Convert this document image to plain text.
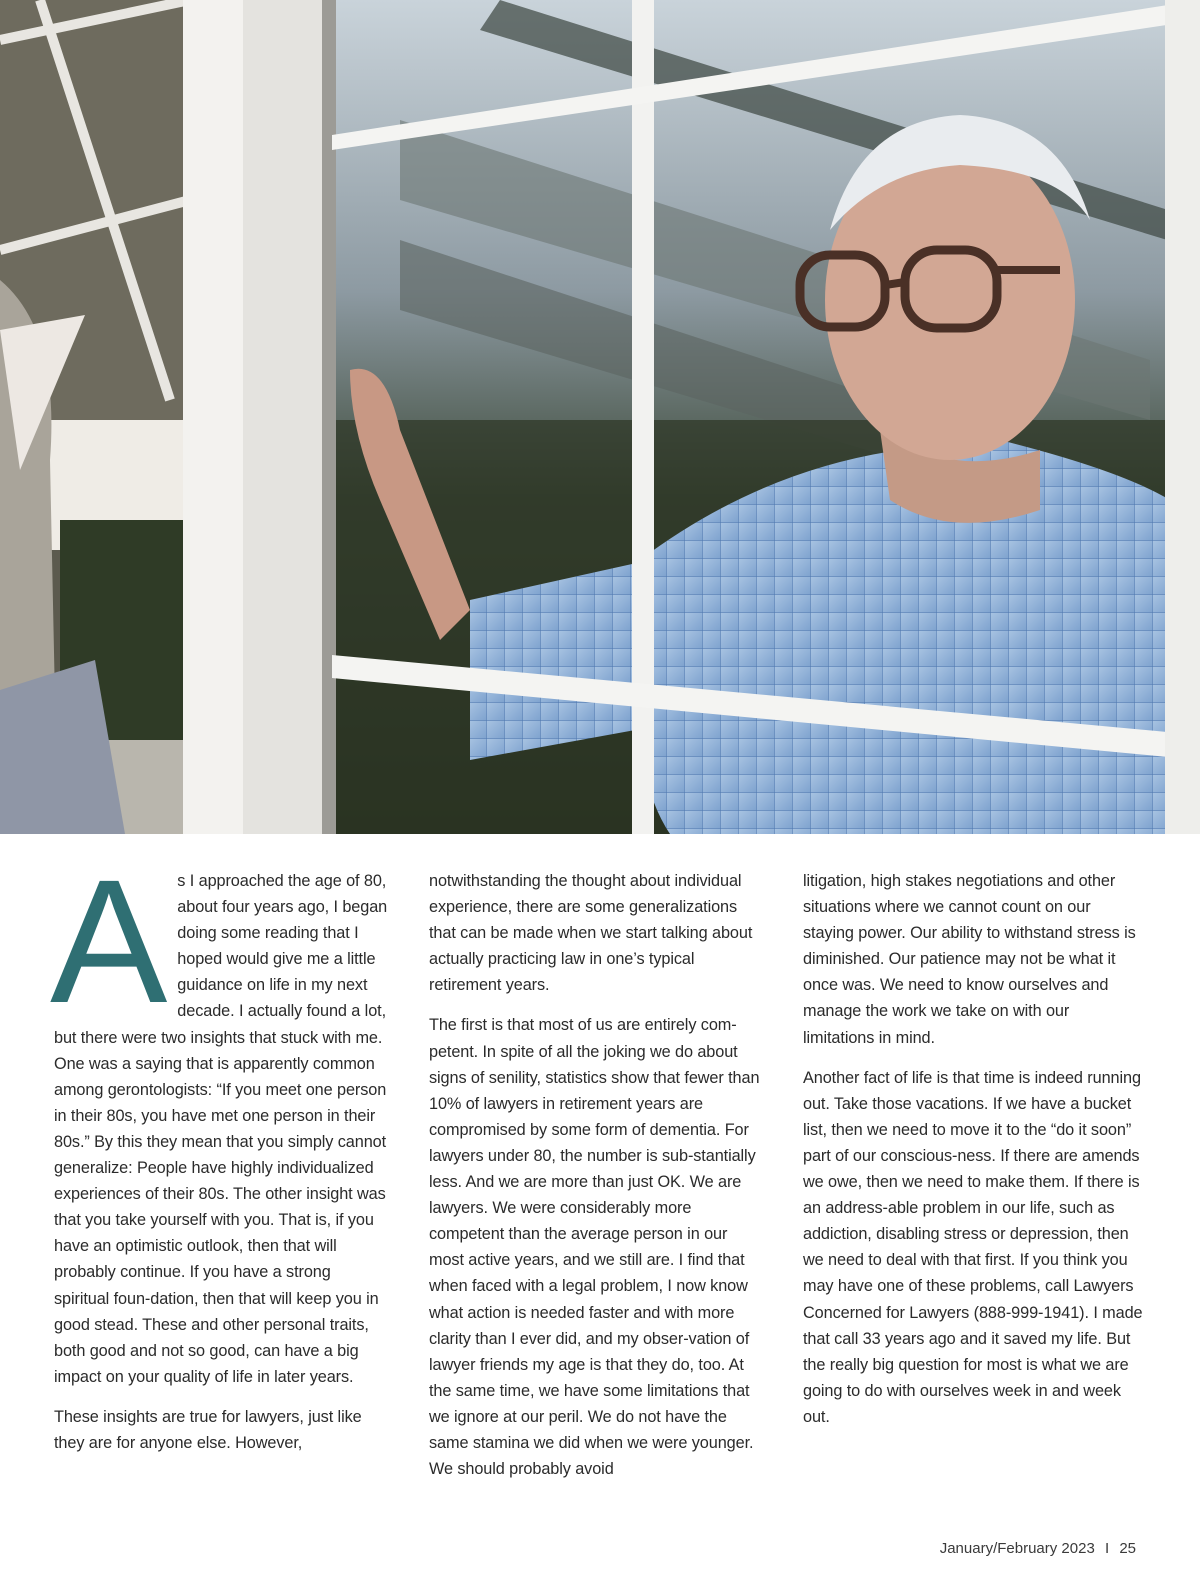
A s I approached the age of 80, about four years ago, I began doing some reading that I hoped would give me a little guidance on life in my next decade. I actually found a lot, but there were two insights that stuck with me. One was a saying that is apparently common among gerontologists: “If you meet one person in their 80s, you have met one person in their 80s.” By this they mean that you simply cannot generalize: People have highly individualized experiences of their 80s. The other insight was that you take yourself with you. That is, if you have an optimistic outlook, then that will probably continue. If you have a strong spiritual foun-dation, then that will keep you in good stead. These and other personal traits, both good and not so good, can have a big impact on your quality of life in later years.

These insights are true for lawyers, just like they are for anyone else. However,

notwithstanding the thought about individual experience, there are some generalizations that can be made when we start talking about actually practicing law in one’s typical retirement years.

The first is that most of us are entirely com-petent. In spite of all the joking we do about signs of senility, statistics show that fewer than 10% of lawyers in retirement years are compromised by some form of dementia. For lawyers under 80, the number is sub-stantially less. And we are more than just OK. We are lawyers. We were considerably more competent than the average person in our most active years, and we still are. I find that when faced with a legal problem, I now know what action is needed faster and with more clarity than I ever did, and my obser-vation of lawyer friends my age is that they do, too. At the same time, we have some limitations that we ignore at our peril. We do not have the same stamina we did when we were younger. We should probably avoid

litigation, high stakes negotiations and other situations where we cannot count on our staying power. Our ability to withstand stress is diminished. Our patience may not be what it once was. We need to know ourselves and manage the work we take on with our limitations in mind.

Another fact of life is that time is indeed running out. Take those vacations. If we have a bucket list, then we need to move it to the “do it soon” part of our conscious-ness. If there are amends we owe, then we need to make them. If there is an address-able problem in our life, such as addiction, disabling stress or depression, then we need to deal with that first. If you think you may have one of these problems, call Lawyers Concerned for Lawyers (888-999-1941). I made that call 33 years ago and it saved my life. But the really big question for most is what we are going to do with ourselves week in and week out.

January/February 2023 I 25
